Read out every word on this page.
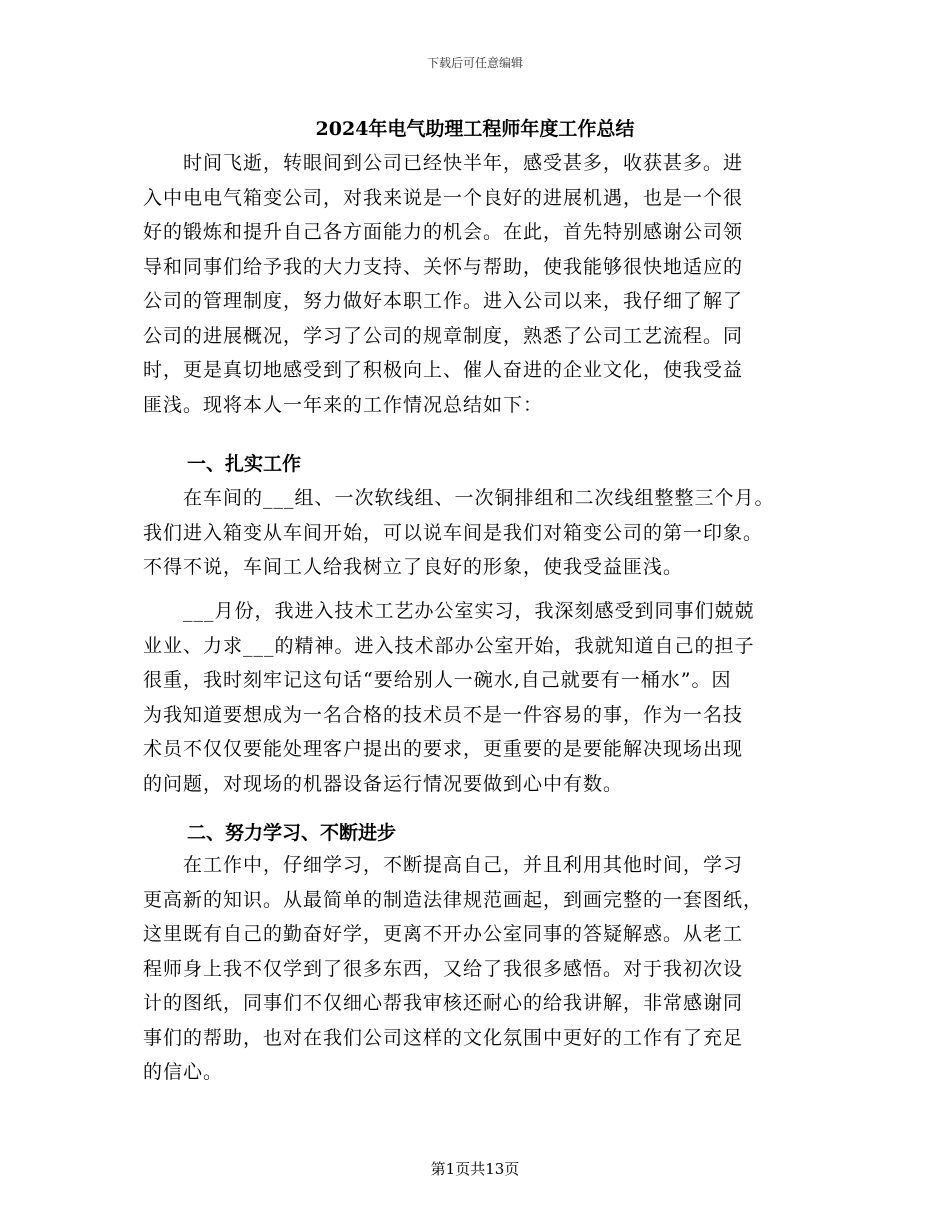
下载后可任意编辑
2024年电气助理工程师年度工作总结
　　时间飞逝，转眼间到公司已经快半年，感受甚多，收获甚多。进
入中电电气箱变公司，对我来说是一个良好的进展机遇，也是一个很
好的锻炼和提升自己各方面能力的机会。在此，首先特别感谢公司领
导和同事们给予我的大力支持、关怀与帮助，使我能够很快地适应的
公司的管理制度，努力做好本职工作。进入公司以来，我仔细了解了
公司的进展概况，学习了公司的规章制度，熟悉了公司工艺流程。同
时，更是真切地感受到了积极向上、催人奋进的企业文化，使我受益
匪浅。现将本人一年来的工作情况总结如下：
一、扎实工作
　　在车间的___组、一次软线组、一次铜排组和二次线组整整三个月。
我们进入箱变从车间开始，可以说车间是我们对箱变公司的第一印象。
不得不说，车间工人给我树立了良好的形象，使我受益匪浅。
　　___月份，我进入技术工艺办公室实习，我深刻感受到同事们兢兢
业业、力求___的精神。进入技术部办公室开始，我就知道自己的担子
很重，我时刻牢记这句话“要给别人一碗水,自己就要有一桶水”。因
为我知道要想成为一名合格的技术员不是一件容易的事，作为一名技
术员不仅仅要能处理客户提出的要求，更重要的是要能解决现场出现
的问题，对现场的机器设备运行情况要做到心中有数。
二、努力学习、不断进步
　　在工作中，仔细学习，不断提高自己，并且利用其他时间，学习
更高新的知识。从最简单的制造法律规范画起，到画完整的一套图纸，
这里既有自己的勤奋好学，更离不开办公室同事的答疑解惑。从老工
程师身上我不仅学到了很多东西，又给了我很多感悟。对于我初次设
计的图纸，同事们不仅细心帮我审核还耐心的给我讲解，非常感谢同
事们的帮助，也对在我们公司这样的文化氛围中更好的工作有了充足
的信心。
第1页共13页
